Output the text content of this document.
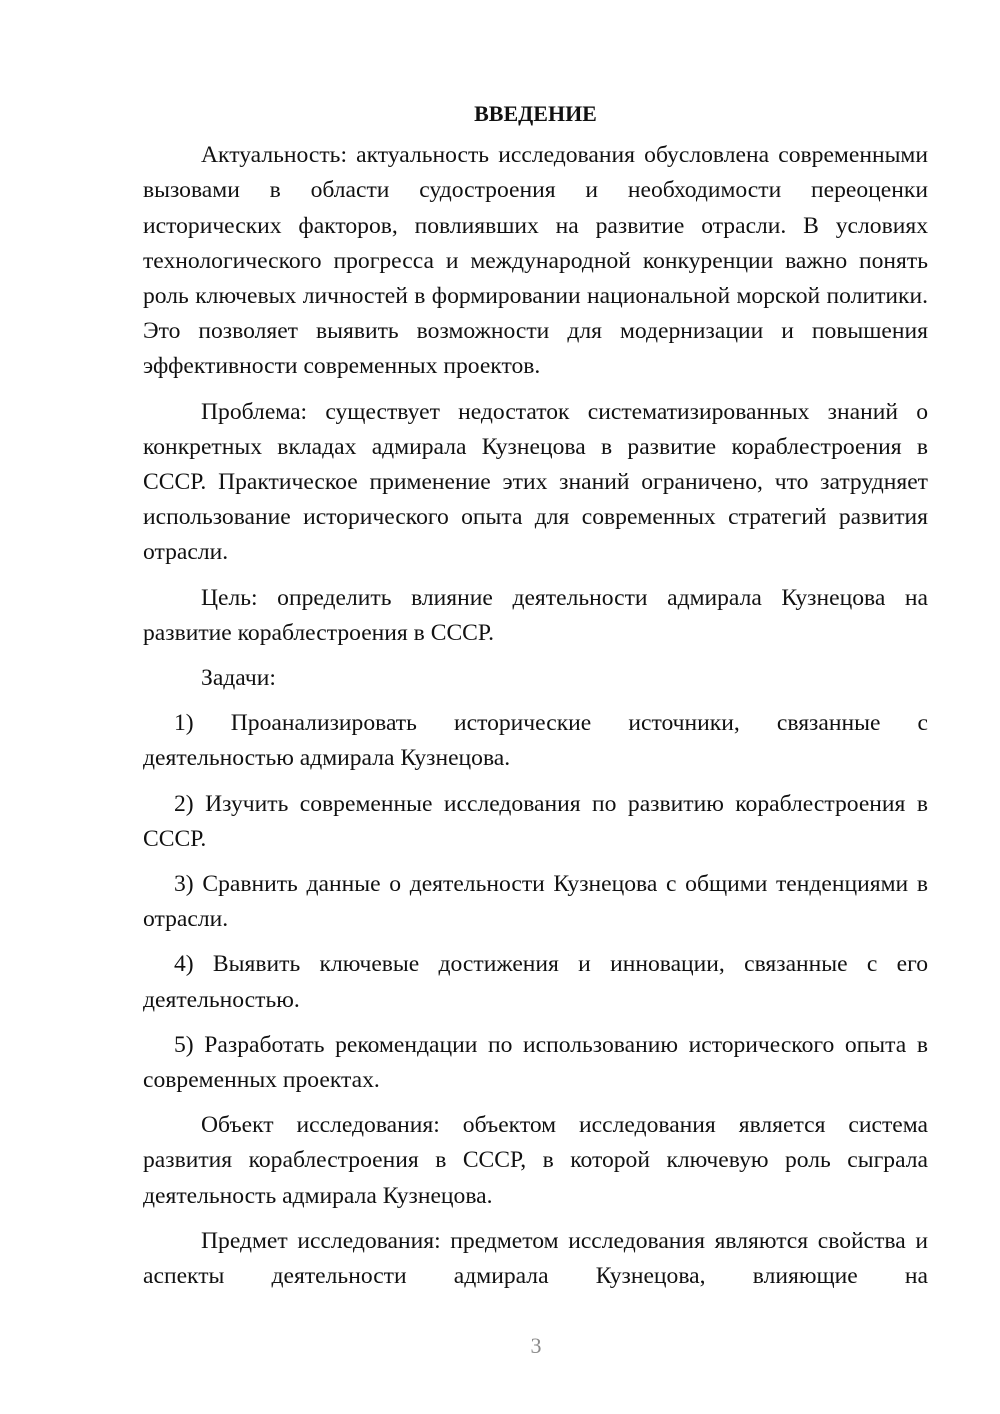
ВВЕДЕНИЕ

Актуальность: актуальность исследования обусловлена современными вызовами в области судостроения и необходимости переоценки исторических факторов, повлиявших на развитие отрасли. В условиях технологического прогресса и международной конкуренции важно понять роль ключевых личностей в формировании национальной морской политики. Это позволяет выявить возможности для модернизации и повышения эффективности современных проектов.

Проблема: существует недостаток систематизированных знаний о конкретных вкладах адмирала Кузнецова в развитие кораблестроения в СССР. Практическое применение этих знаний ограничено, что затрудняет использование исторического опыта для современных стратегий развития отрасли.

Цель: определить влияние деятельности адмирала Кузнецова на развитие кораблестроения в СССР.

Задачи:

1) Проанализировать исторические источники, связанные с деятельностью адмирала Кузнецова.

2) Изучить современные исследования по развитию кораблестроения в СССР.

3) Сравнить данные о деятельности Кузнецова с общими тенденциями в отрасли.

4) Выявить ключевые достижения и инновации, связанные с его деятельностью.

5) Разработать рекомендации по использованию исторического опыта в современных проектах.

Объект исследования: объектом исследования является система развития кораблестроения в СССР, в которой ключевую роль сыграла деятельность адмирала Кузнецова.

Предмет исследования: предметом исследования являются свойства и аспекты деятельности адмирала Кузнецова, влияющие на

3
